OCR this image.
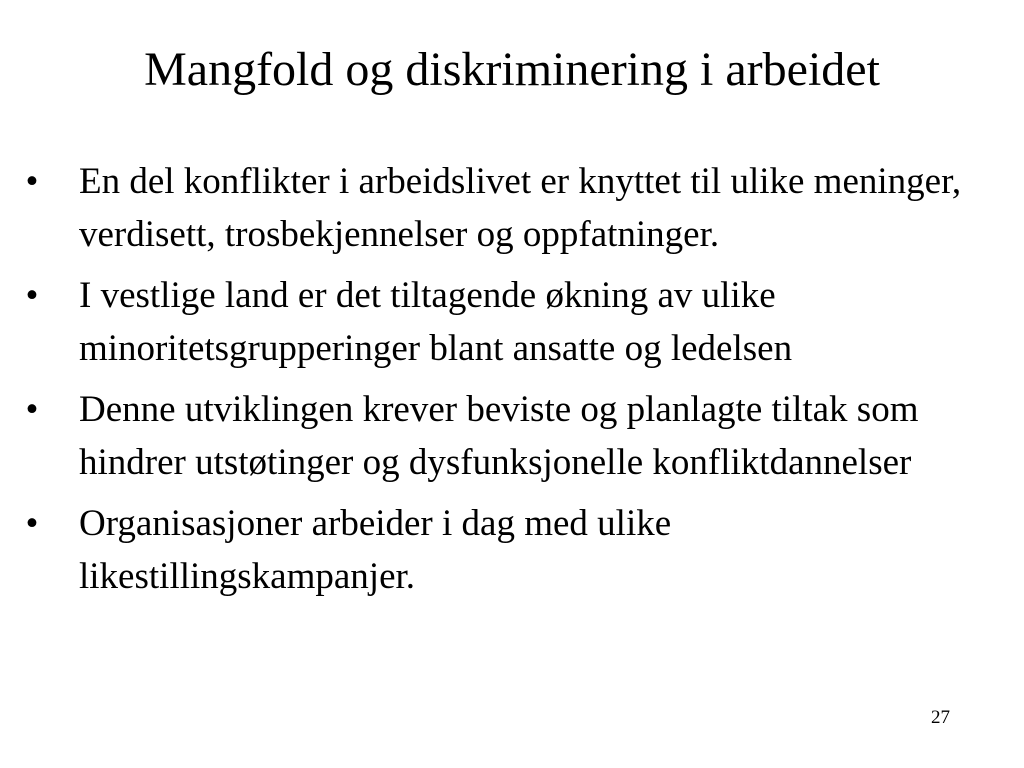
Mangfold og diskriminering i arbeidet
• En del konflikter i arbeidslivet er knyttet til ulike meninger, verdisett, trosbekjennelser og oppfatninger.
• I vestlige land er det tiltagende økning av ulike minoritetsgrupperinger blant ansatte og ledelsen
• Denne utviklingen krever beviste og planlagte tiltak som hindrer utstøtinger og dysfunksjonelle konfliktdannelser
• Organisasjoner arbeider i dag med ulike likestillingskampanjer.
27
